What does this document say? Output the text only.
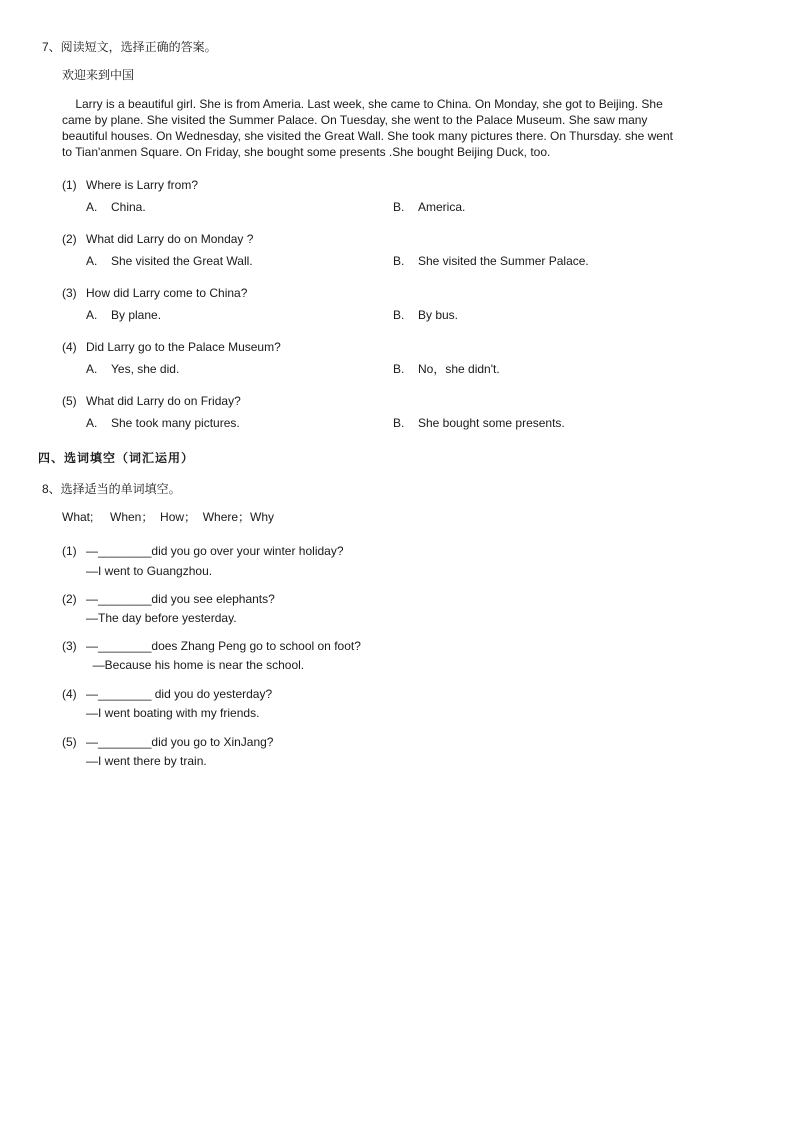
7、阅读短文，选择正确的答案。
欢迎来到中国
Larry is a beautiful girl. She is from Ameria. Last week, she came to China. On Monday, she got to Beijing. She
came by plane. She visited the Summer Palace. On Tuesday, she went to the Palace Museum. She saw many
beautiful houses. On Wednesday, she visited the Great Wall. She took many pictures there. On Thursday. she went
to Tian'anmen Square. On Friday, she bought some presents .She bought Beijing Duck, too.
(1) Where is Larry from?
A. China.	B. America.
(2) What did Larry do on Monday ?
A. She visited the Great Wall.	B. She visited the Summer Palace.
(3) How did Larry come to China?
A. By plane.	B. By bus.
(4) Did Larry go to the Palace Museum?
A. Yes, she did.	B. No，she didn't.
(5) What did Larry do on Friday?
A. She took many pictures.	B. She bought some presents.
四、选词填空（词汇运用）
8、选择适当的单词填空。
What;     When；  How；  Where；Why
(1) —________did you go over your winter holiday?
—I went to Guangzhou.
(2) —________did you see elephants?
—The day before yesterday.
(3) —________does Zhang Peng go to school on foot?
—Because his home is near the school.
(4) —________ did you do yesterday?
—I went boating with my friends.
(5) —________did you go to XinJang?
—I went there by train.
